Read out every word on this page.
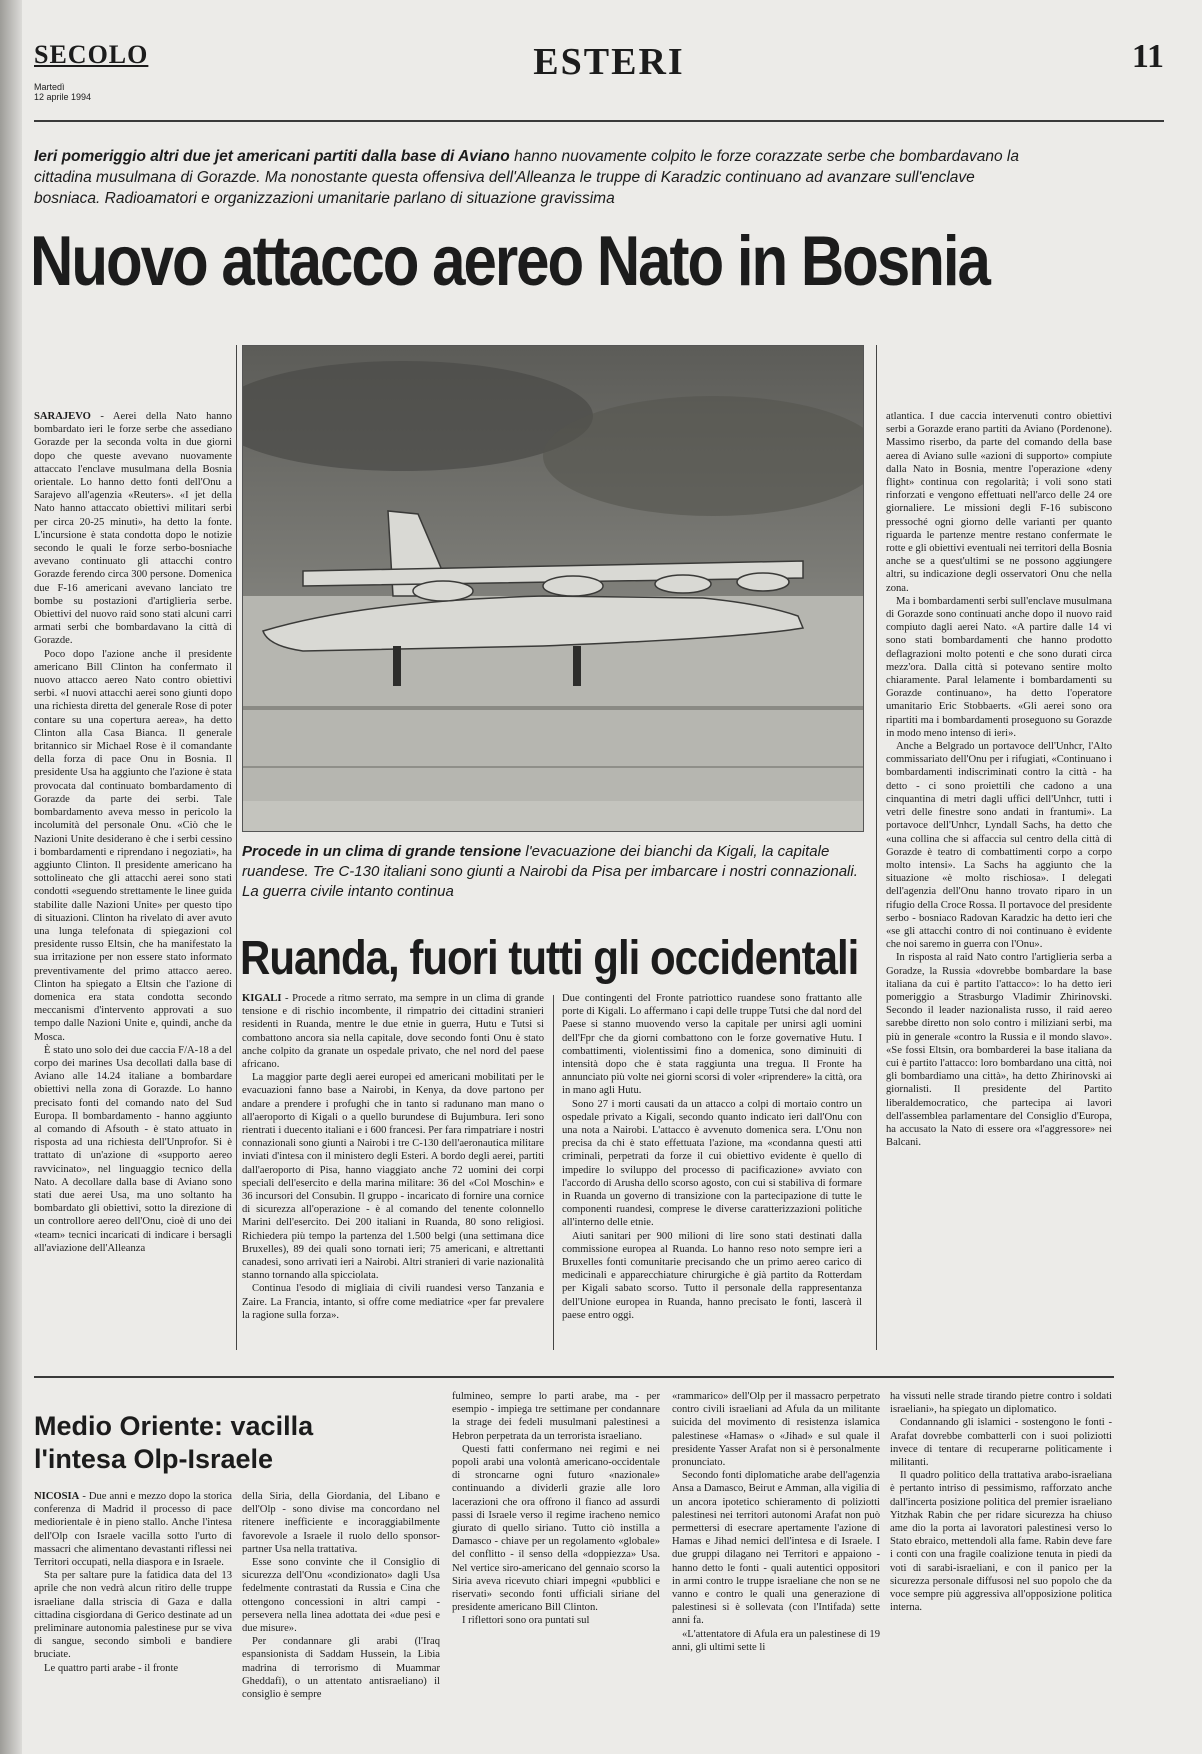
SECOLO
Martedì
12 aprile 1994
ESTERI	11
Ieri pomeriggio altri due jet americani partiti dalla base di Aviano hanno nuovamente colpito le forze corazzate serbe che bombardavano la cittadina musulmana di Gorazde. Ma nonostante questa offensiva dell'Alleanza le truppe di Karadzic continuano ad avanzare sull'enclave bosniaca. Radioamatori e organizzazioni umanitarie parlano di situazione gravissima
Nuovo attacco aereo Nato in Bosnia

SARAJEVO - Aerei della Nato hanno bombardato ieri le forze serbe che assediano Gorazde per la seconda volta in due giorni dopo che queste avevano nuovamente attaccato l'enclave musulmana della Bosnia orientale. Lo hanno detto fonti dell'Onu a Sarajevo all'agenzia «Reuters». «I jet della Nato hanno attaccato obiettivi militari serbi per circa 20-25 minuti», ha detto la fonte. L'incursione è stata condotta dopo le notizie secondo le quali le forze serbo-bosniache avevano continuato gli attacchi contro Gorazde ferendo circa 300 persone. Domenica due F-16 americani avevano lanciato tre bombe su postazioni d'artiglieria serbe. Obiettivi del nuovo raid sono stati alcuni carri armati serbi che bombardavano la città di Gorazde.

Poco dopo l'azione anche il presidente americano Bill Clinton ha confermato il nuovo attacco aereo Nato contro obiettivi serbi. «I nuovi attacchi aerei sono giunti dopo una richiesta diretta del generale Rose di poter contare su una copertura aerea», ha detto Clinton alla Casa Bianca. Il generale britannico sir Michael Rose è il comandante della forza di pace Onu in Bosnia. Il presidente Usa ha aggiunto che l'azione è stata provocata dal continuato bombardamento di Gorazde da parte dei serbi. Tale bombardamento aveva messo in pericolo la incolumità del personale Onu. «Ciò che le Nazioni Unite desiderano è che i serbi cessino i bombardamenti e riprendano i negoziati», ha aggiunto Clinton. Il presidente americano ha sottolineato che gli attacchi aerei sono stati condotti «seguendo strettamente le linee guida stabilite dalle Nazioni Unite» per questo tipo di situazioni. Clinton ha rivelato di aver avuto una lunga telefonata di spiegazioni col presidente russo Eltsin, che ha manifestato la sua irritazione per non essere stato informato preventivamente del primo attacco aereo. Clinton ha spiegato a Eltsin che l'azione di domenica era stata condotta secondo meccanismi d'intervento approvati a suo tempo dalle Nazioni Unite e, quindi, anche da Mosca.

È stato uno solo dei due caccia F/A-18 a del corpo dei marines Usa decollati dalla base di Aviano alle 14.24 italiane a bombardare obiettivi nella zona di Gorazde. Lo hanno precisato fonti del comando nato del Sud Europa. Il bombardamento - hanno aggiunto al comando di Afsouth - è stato attuato in risposta ad una richiesta dell'Unprofor. Si è trattato di un'azione di «supporto aereo ravvicinato», nel linguaggio tecnico della Nato. A decollare dalla base di Aviano sono stati due aerei Usa, ma uno soltanto ha bombardato gli obiettivi, sotto la direzione di un controllore aereo dell'Onu, cioè di uno dei «team» tecnici incaricati di indicare i bersagli all'aviazione dell'Alleanza

Procede in un clima di grande tensione l'evacuazione dei bianchi da Kigali, la capitale ruandese. Tre C-130 italiani sono giunti a Nairobi da Pisa per imbarcare i nostri connazionali. La guerra civile intanto continua
Ruanda, fuori tutti gli occidentali

KIGALI - Procede a ritmo serrato, ma sempre in un clima di grande tensione e di rischio incombente, il rimpatrio dei cittadini stranieri residenti in Ruanda, mentre le due etnie in guerra, Hutu e Tutsi si combattono ancora sia nella capitale, dove secondo fonti Onu è stato anche colpito da granate un ospedale privato, che nel nord del paese africano.

La maggior parte degli aerei europei ed americani mobilitati per le evacuazioni fanno base a Nairobi, in Kenya, da dove partono per andare a prendere i profughi che in tanto si radunano man mano o all'aeroporto di Kigali o a quello burundese di Bujumbura. Ieri sono rientrati i duecento italiani e i 600 francesi. Per fara rimpatriare i nostri connazionali sono giunti a Nairobi i tre C-130 dell'aeronautica militare inviati d'intesa con il ministero degli Esteri. A bordo degli aerei, partiti dall'aeroporto di Pisa, hanno viaggiato anche 72 uomini dei corpi speciali dell'esercito e della marina militare: 36 del «Col Moschin» e 36 incursori del Consubin. Il gruppo - incaricato di fornire una cornice di sicurezza all'operazione - è al comando del tenente colonnello Marini dell'esercito. Dei 200 italiani in Ruanda, 80 sono religiosi. Richiedera più tempo la partenza del 1.500 belgi (una settimana dice Bruxelles), 89 dei quali sono tornati ieri; 75 americani, e altrettanti canadesi, sono arrivati ieri a Nairobi. Altri stranieri di varie nazionalità stanno tornando alla spicciolata.

Continua l'esodo di migliaia di civili ruandesi verso Tanzania e Zaire. La Francia, intanto, si offre come mediatrice «per far prevalere la ragione sulla forza».

Due contingenti del Fronte patriottico ruandese sono frattanto alle porte di Kigali. Lo affermano i capi delle truppe Tutsi che dal nord del Paese si stanno muovendo verso la capitale per unirsi agli uomini dell'Fpr che da giorni combattono con le forze governative Hutu. I combattimenti, violentissimi fino a domenica, sono diminuiti di intensità dopo che è stata raggiunta una tregua. Il Fronte ha annunciato più volte nei giorni scorsi di voler «riprendere» la città, ora in mano agli Hutu.

Sono 27 i morti causati da un attacco a colpi di mortaio contro un ospedale privato a Kigali, secondo quanto indicato ieri dall'Onu con una nota a Nairobi. L'attacco è avvenuto domenica sera. L'Onu non precisa da chi è stato effettuata l'azione, ma «condanna questi atti criminali, perpetrati da forze il cui obiettivo evidente è quello di impedire lo sviluppo del processo di pacificazione» avviato con l'accordo di Arusha dello scorso agosto, con cui si stabiliva di formare in Ruanda un governo di transizione con la partecipazione di tutte le componenti ruandesi, comprese le diverse caratterizzazioni politiche all'interno delle etnie.

Aiuti sanitari per 900 milioni di lire sono stati destinati dalla commissione europea al Ruanda. Lo hanno reso noto sempre ieri a Bruxelles fonti comunitarie precisando che un primo aereo carico di medicinali e apparecchiature chirurgiche è già partito da Rotterdam per Kigali sabato scorso. Tutto il personale della rappresentanza dell'Unione europea in Ruanda, hanno precisato le fonti, lascerà il paese entro oggi.

atlantica. I due caccia intervenuti contro obiettivi serbi a Gorazde erano partiti da Aviano (Pordenone). Massimo riserbo, da parte del comando della base aerea di Aviano sulle «azioni di supporto» compiute dalla Nato in Bosnia, mentre l'operazione «deny flight» continua con regolarità; i voli sono stati rinforzati e vengono effettuati nell'arco delle 24 ore giornaliere. Le missioni degli F-16 subiscono pressoché ogni giorno delle varianti per quanto riguarda le partenze mentre restano confermate le rotte e gli obiettivi eventuali nei territori della Bosnia anche se a quest'ultimi se ne possono aggiungere altri, su indicazione degli osservatori Onu che nella zona.

Ma i bombardamenti serbi sull'enclave musulmana di Gorazde sono continuati anche dopo il nuovo raid compiuto dagli aerei Nato. «A partire dalle 14 vi sono stati bombardamenti che hanno prodotto deflagrazioni molto potenti e che sono durati circa mezz'ora. Dalla città si potevano sentire molto chiaramente. Paral lelamente i bombardamenti su Gorazde continuano», ha detto l'operatore umanitario Eric Stobbaerts. «Gli aerei sono ora ripartiti ma i bombardamenti proseguono su Gorazde in modo meno intenso di ieri».

Anche a Belgrado un portavoce dell'Unhcr, l'Alto commissariato dell'Onu per i rifugiati, «Continuano i bombardamenti indiscriminati contro la città - ha detto - ci sono proiettili che cadono a una cinquantina di metri dagli uffici dell'Unhcr, tutti i vetri delle finestre sono andati in frantumi». La portavoce dell'Unhcr, Lyndall Sachs, ha detto che «una collina che si affaccia sul centro della città di Gorazde è teatro di combattimenti corpo a corpo molto intensi». La Sachs ha aggiunto che la situazione «è molto rischiosa». I delegati dell'agenzia dell'Onu hanno trovato riparo in un rifugio della Croce Rossa. Il portavoce del presidente serbo - bosniaco Radovan Karadzic ha detto ieri che «se gli attacchi contro di noi continuano è evidente che noi saremo in guerra con l'Onu».

In risposta al raid Nato contro l'artiglieria serba a Goradze, la Russia «dovrebbe bombardare la base italiana da cui è partito l'attacco»: lo ha detto ieri pomeriggio a Strasburgo Vladimir Zhirinovski. Secondo il leader nazionalista russo, il raid aereo sarebbe diretto non solo contro i miliziani serbi, ma più in generale «contro la Russia e il mondo slavo». «Se fossi Eltsin, ora bombarderei la base italiana da cui è partito l'attacco: loro bombardano una città, noi gli bombardiamo una città», ha detto Zhirinovski ai giornalisti. Il presidente del Partito liberaldemocratico, che partecipa ai lavori dell'assemblea parlamentare del Consiglio d'Europa, ha accusato la Nato di essere ora «l'aggressore» nei Balcani.

Medio Oriente: vacilla l'intesa Olp-Israele

NICOSIA - Due anni e mezzo dopo la storica conferenza di Madrid il processo di pace mediorientale è in pieno stallo. Anche l'intesa dell'Olp con Israele vacilla sotto l'urto di massacri che alimentano devastanti riflessi nei Territori occupati, nella diaspora e in Israele.

Sta per saltare pure la fatidica data del 13 aprile che non vedrà alcun ritiro delle truppe israeliane dalla striscia di Gaza e dalla cittadina cisgiordana di Gerico destinate ad un preliminare autonomia palestinese pur se viva di sangue, secondo simboli e bandiere bruciate.

Le quattro parti arabe - il fronte

della Siria, della Giordania, del Libano e dell'Olp - sono divise ma concordano nel ritenere inefficiente e incoraggiabilmente favorevole a Israele il ruolo dello sponsor-partner Usa nella trattativa.

Esse sono convinte che il Consiglio di sicurezza dell'Onu «condizionato» dagli Usa fedelmente contrastati da Russia e Cina che ottengono concessioni in altri campi - persevera nella linea adottata dei «due pesi e due misure».

Per condannare gli arabi (l'Iraq espansionista di Saddam Hussein, la Libia madrina di terrorismo di Muammar Gheddafi), o un attentato antisraeliano) il consiglio è sempre

fulmineo, sempre lo parti arabe, ma - per esempio - impiega tre settimane per condannare la strage dei fedeli musulmani palestinesi a Hebron perpetrata da un terrorista israeliano.

Questi fatti confermano nei regimi e nei popoli arabi una volontà americano-occidentale di stroncarne ogni futuro «nazionale» continuando a dividerli grazie alle loro lacerazioni che ora offrono il fianco ad assurdi passi di Israele verso il regime iracheno nemico giurato di quello siriano. Tutto ciò instilla a Damasco - chiave per un regolamento «globale» del conflitto - il senso della «doppiezza» Usa. Nel vertice siro-americano del gennaio scorso la Siria aveva ricevuto chiari impegni «pubblici e riservati» secondo fonti ufficiali siriane del presidente americano Bill Clinton.

I riflettori sono ora puntati sul

«rammarico» dell'Olp per il massacro perpetrato contro civili israeliani ad Afula da un militante suicida del movimento di resistenza islamica palestinese «Hamas» o «Jihad» e sul quale il presidente Yasser Arafat non si è personalmente pronunciato.

Secondo fonti diplomatiche arabe dell'agenzia Ansa a Damasco, Beirut e Amman, alla vigilia di un ancora ipotetico schieramento di poliziotti palestinesi nei territori autonomi Arafat non può permettersi di esecrare apertamente l'azione di Hamas e Jihad nemici dell'intesa e di Israele. I due gruppi dilagano nei Territori e appaiono - hanno detto le fonti - quali autentici oppositori in armi contro le truppe israeliane che non se ne vanno e contro le quali una generazione di palestinesi si è sollevata (con l'Intifada) sette anni fa.

«L'attentatore di Afula era un palestinese di 19 anni, gli ultimi sette li

ha vissuti nelle strade tirando pietre contro i soldati israeliani», ha spiegato un diplomatico.

Condannando gli islamici - sostengono le fonti - Arafat dovrebbe combatterli con i suoi poliziotti invece di tentare di recuperarne politicamente i militanti.

Il quadro politico della trattativa arabo-israeliana è pertanto intriso di pessimismo, rafforzato anche dall'incerta posizione politica del premier israeliano Yitzhak Rabin che per ridare sicurezza ha chiuso ame dio la porta ai lavoratori palestinesi verso lo Stato ebraico, mettendoli alla fame. Rabin deve fare i conti con una fragile coalizione tenuta in piedi da voti di sarabi-israeliani, e con il panico per la sicurezza personale diffusosi nel suo popolo che da voce sempre più aggressiva all'opposizione politica interna.
